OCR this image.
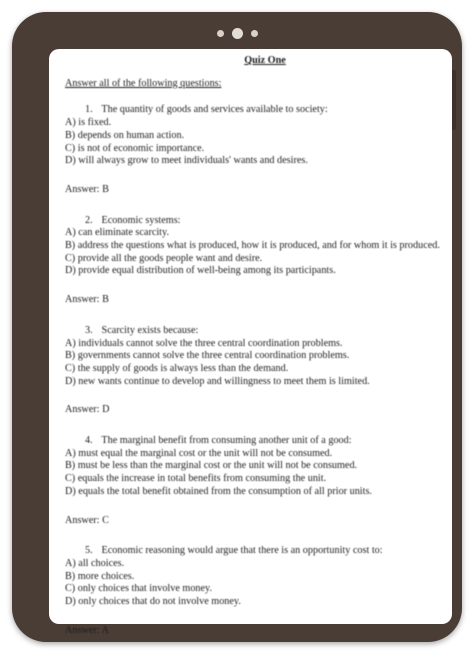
Quiz One
Answer all of the following questions:
1. The quantity of goods and services available to society:
A) is fixed.
B) depends on human action.
C) is not of economic importance.
D) will always grow to meet individuals' wants and desires.
Answer: B
2. Economic systems:
A) can eliminate scarcity.
B) address the questions what is produced, how it is produced, and for whom it is produced.
C) provide all the goods people want and desire.
D) provide equal distribution of well-being among its participants.
Answer: B
3. Scarcity exists because:
A) individuals cannot solve the three central coordination problems.
B) governments cannot solve the three central coordination problems.
C) the supply of goods is always less than the demand.
D) new wants continue to develop and willingness to meet them is limited.
Answer: D
4. The marginal benefit from consuming another unit of a good:
A) must equal the marginal cost or the unit will not be consumed.
B) must be less than the marginal cost or the unit will not be consumed.
C) equals the increase in total benefits from consuming the unit.
D) equals the total benefit obtained from the consumption of all prior units.
Answer: C
5. Economic reasoning would argue that there is an opportunity cost to:
A) all choices.
B) more choices.
C) only choices that involve money.
D) only choices that do not involve money.
Answer: A
